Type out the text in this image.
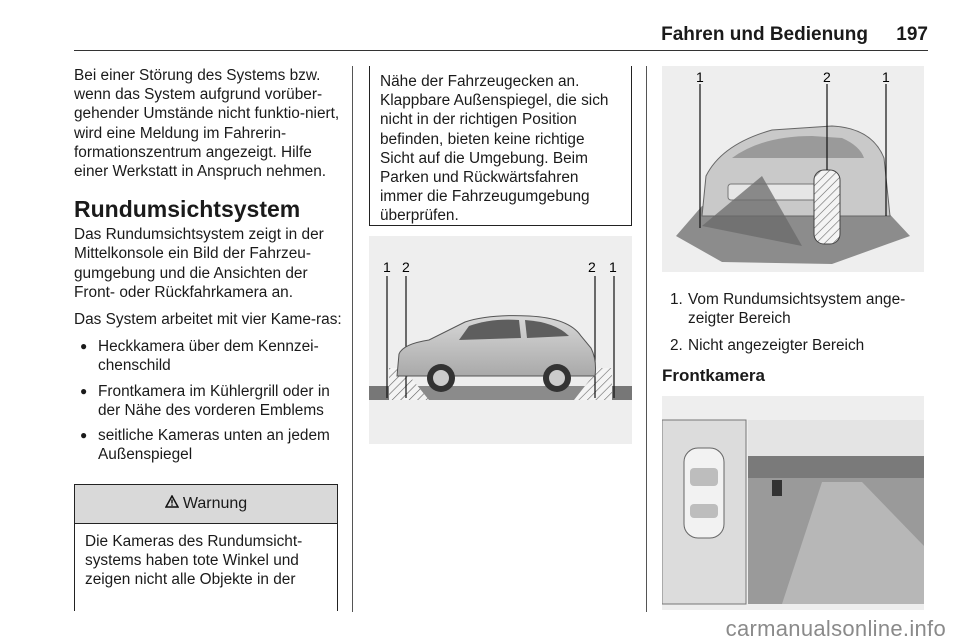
Fahren und Bedienung 197

Bei einer Störung des Systems bzw. wenn das System aufgrund vorüber-gehender Umstände nicht funktio-niert, wird eine Meldung im Fahrerin-formationszentrum angezeigt. Hilfe einer Werkstatt in Anspruch nehmen.

Rundumsichtsystem

Das Rundumsichtsystem zeigt in der Mittelkonsole ein Bild der Fahrzeu-gumgebung und die Ansichten der Front- oder Rückfahrkamera an.

Das System arbeitet mit vier Kame-ras:

● Heckkamera über dem Kennzei-chenschild
● Frontkamera im Kühlergrill oder in der Nähe des vorderen Emblems
● seitliche Kameras unten an jedem Außenspiegel
Warnung
Die Kameras des Rundumsicht-systems haben tote Winkel und zeigen nicht alle Objekte in der
Nähe der Fahrzeugecken an. Klappbare Außenspiegel, die sich nicht in der richtigen Position befinden, bieten keine richtige Sicht auf die Umgebung. Beim Parken und Rückwärtsfahren immer die Fahrzeugumgebung überprüfen.
1 2	2 1
1	2	1
1. Vom Rundumsichtsystem ange-zeigter Bereich
2. Nicht angezeigter Bereich
Frontkamera
carmanualsonline.info
